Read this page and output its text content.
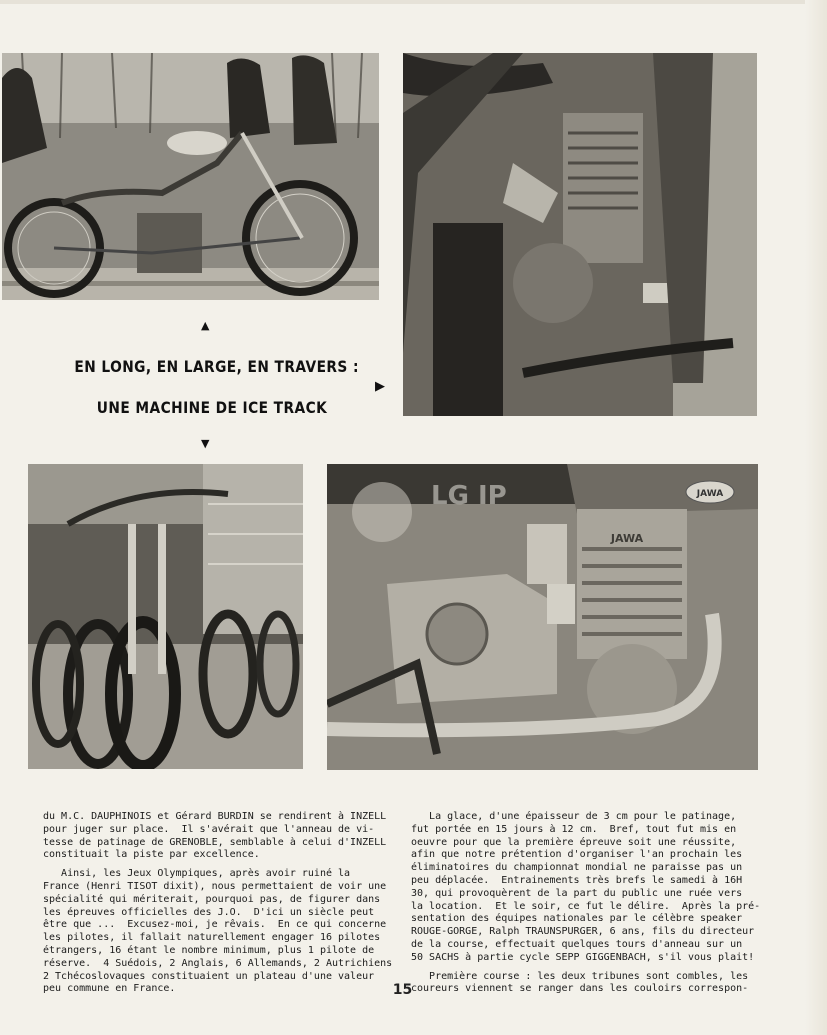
▲
EN LONG, EN LARGE, EN TRAVERS :
▶
UNE MACHINE DE ICE TRACK
▼
JAWA
LG IP
JAWA

du M.C. DAUPHINOIS et Gérard BURDIN se rendirent à INZELL

pour juger sur place.  Il s'avérait que l'anneau de vi-

tesse de patinage de GRENOBLE, semblable à celui d'INZELL

constituait la piste par excellence.

Ainsi, les Jeux Olympiques, après avoir ruiné la

France (Henri TISOT dixit), nous permettaient de voir une

spécialité qui mériterait, pourquoi pas, de figurer dans

les épreuves officielles des J.O.  D'ici un siècle peut

être que ...  Excusez-moi, je rêvais.  En ce qui concerne

les pilotes, il fallait naturellement engager 16 pilotes

étrangers, 16 étant le nombre minimum, plus 1 pilote de

réserve.  4 Suédois, 2 Anglais, 6 Allemands, 2 Autrichiens

2 Tchécoslovaques constituaient un plateau d'une valeur

peu commune en France.

La glace, d'une épaisseur de 3 cm pour le patinage,

fut portée en 15 jours à 12 cm.  Bref, tout fut mis en

oeuvre pour que la première épreuve soit une réussite,

afin que notre prétention d'organiser l'an prochain les

éliminatoires du championnat mondial ne paraisse pas un

peu déplacée.  Entrainements très brefs le samedi à 16H

30, qui provoquèrent de la part du public une ruée vers

la location.  Et le soir, ce fut le délire.  Après la pré-

sentation des équipes nationales par le célèbre speaker

ROUGE-GORGE, Ralph TRAUNSPURGER, 6 ans, fils du directeur

de la course, effectuait quelques tours d'anneau sur un

50 SACHS à partie cycle SEPP GIGGENBACH, s'il vous plait!

Première course : les deux tribunes sont combles, les

coureurs viennent se ranger dans les couloirs correspon-

15
